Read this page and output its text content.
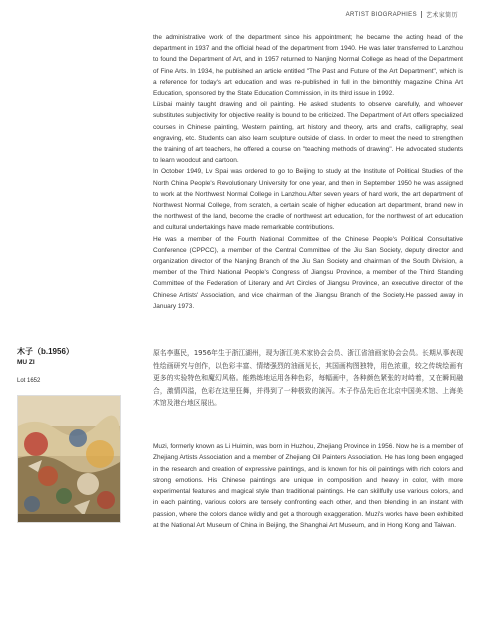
ARTIST BIOGRAPHIES 艺术家简历

the administrative work of the department since his appointment; he became the acting head of the department in 1937 and the official head of the department from 1940. He was later transferred to Lanzhou to found the Department of Art, and in 1957 returned to Nanjing Normal College as head of the Department of Fine Arts. In 1934, he published an article entitled "The Past and Future of the Art Department", which is a reference for today's art education and was re-published in full in the bimonthly magazine China Art Education, sponsored by the State Education Commission, in its third issue in 1992.

Lüsbai mainly taught drawing and oil painting. He asked students to observe carefully, and whoever substitutes subjectivity for objective reality is bound to be criticized. The Department of Art offers specialized courses in Chinese painting, Western painting, art history and theory, arts and crafts, calligraphy, seal engraving, etc. Students can also learn sculpture outside of class. In order to meet the need to strengthen the training of art teachers, he offered a course on "teaching methods of drawing". He advocated students to learn woodcut and cartoon.

In October 1949, Lv Spai was ordered to go to Beijing to study at the Institute of Political Studies of the North China People's Revolutionary University for one year, and then in September 1950 he was assigned to work at the Northwest Normal College in Lanzhou.After seven years of hard work, the art department of Northwest Normal College, from scratch, a certain scale of higher education art department, brand new in the northwest of the land, become the cradle of northwest art education, for the northwest of art education and cultural undertakings have made remarkable contributions.

He was a member of the Fourth National Committee of the Chinese People's Political Consultative Conference (CPPCC), a member of the Central Committee of the Jiu San Society, deputy director and organization director of the Nanjing Branch of the Jiu San Society and chairman of the South Division, a member of the Third National People's Congress of Jiangsu Province, a member of the Third Standing Committee of the Federation of Literary and Art Circles of Jiangsu Province, an executive director of the Chinese Artists' Association, and vice chairman of the Jiangsu Branch of the Society.He passed away in January 1973.

木子（b.1956）
MU ZI
Lot 1652

原名李惠民，1956年生于浙江湖州，现为浙江美术家协会会员、浙江省油画家协会会员。长期从事表现性绘画研究与创作，以色彩丰富、情绪强烈的油画见长，其国画构图独特，用色浓重，较之传统绘画有更多的实验特色和魔幻风格。能熟练地运用各种色彩，每幅画中，各种颜色紧张的对峙着，又在瞬间融合，激情四溢，色彩在这里狂舞，并得到了一种极致的演泻。木子作品先后在北京中国美术馆、上海美术馆及港台地区展出。

Muzi, formerly known as Li Huimin, was born in Huzhou, Zhejiang Province in 1956. Now he is a member of Zhejiang Artists Association and a member of Zhejiang Oil Painters Association. He has long been engaged in the research and creation of expressive paintings, and is known for his oil paintings with rich colors and strong emotions. His Chinese paintings are unique in composition and heavy in color, with more experimental features and magical style than traditional paintings. He can skillfully use various colors, and in each painting, various colors are tensely confronting each other, and then blending in an instant with passion, where the colors dance wildly and get a thorough exaggeration. Muzi's works have been exhibited at the National Art Museum of China in Beijing, the Shanghai Art Museum, and in Hong Kong and Taiwan.
